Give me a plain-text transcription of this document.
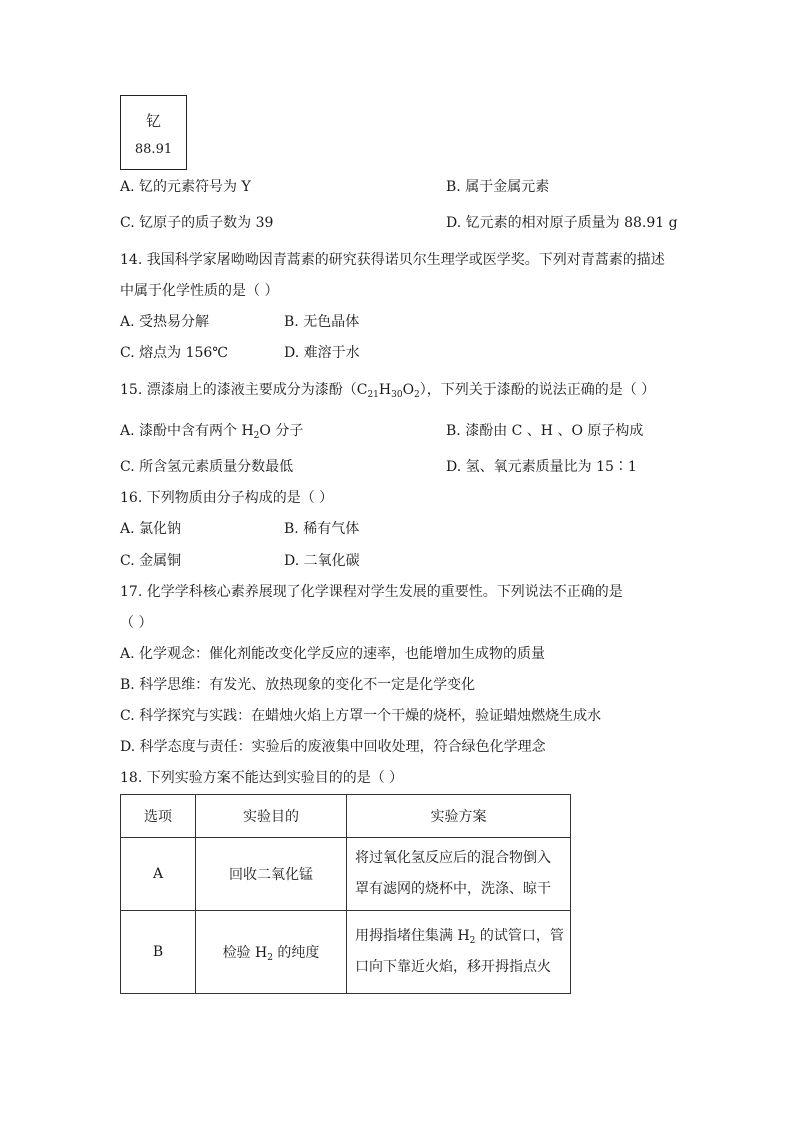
钇
88.91
A. 钇的元素符号为 Y	B. 属于金属元素
C. 钇原子的质子数为 39	D. 钇元素的相对原子质量为 88.91 g
14. 我国科学家屠呦呦因青蒿素的研究获得诺贝尔生理学或医学奖。下列对青蒿素的描述
中属于化学性质的是（ ）
A. 受热易分解	B. 无色晶体
C. 熔点为 156℃	D. 难溶于水
15. 漂漆扇上的漆液主要成分为漆酚$(C_{21}H_{30}O_2)$，下列关于漆酚的说法正确的是（ ）
A. 漆酚中含有两个 $H_2O$ 分子	B. 漆酚由 C 、H 、O 原子构成
C. 所含氢元素质量分数最低	D. 氢、氧元素质量比为 15∶1
16. 下列物质由分子构成的是（ ）
A. 氯化钠	B. 稀有气体
C. 金属铜	D. 二氧化碳
17. 化学学科核心素养展现了化学课程对学生发展的重要性。下列说法不正确的是
（ ）
A. 化学观念：催化剂能改变化学反应的速率，也能增加生成物的质量
B. 科学思维：有发光、放热现象的变化不一定是化学变化
C. 科学探究与实践：在蜡烛火焰上方罩一个干燥的烧杯，验证蜡烛燃烧生成水
D. 科学态度与责任：实验后的废液集中回收处理，符合绿色化学理念
18. 下列实验方案不能达到实验目的的是（ ）
选项	实验目的	实验方案
A	回收二氧化锰	将过氧化氢反应后的混合物倒入
罩有滤网的烧杯中，洗涤、晾干

B	检验 $H_2$ 的纯度	用拇指堵住集满 $H_2$ 的试管口，管
口向下靠近火焰，移开拇指点火
